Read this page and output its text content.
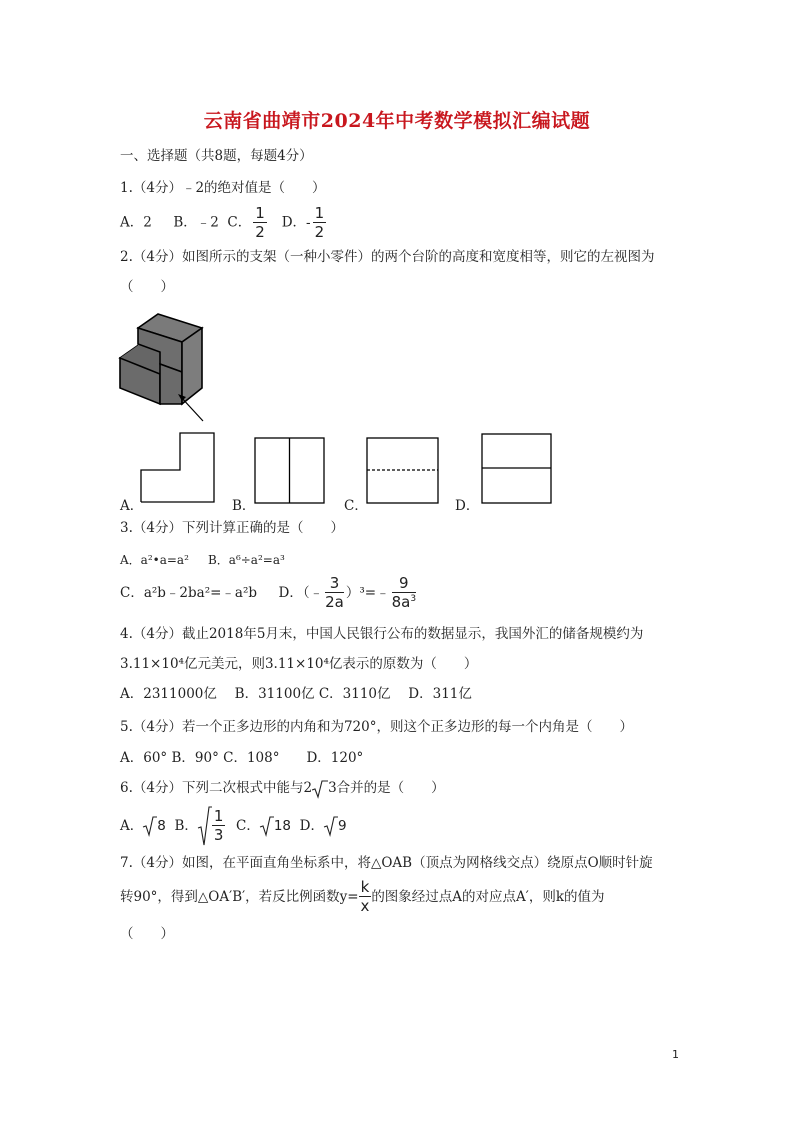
云南省曲靖市2024年中考数学模拟汇编试题
一、选择题（共8题，每题4分）
1.（4分）﹣2的绝对值是（　　）
A．2 B．﹣2 C． $\frac{1}{2}$ D．- $\frac{1}{2}$
2.（4分）如图所示的支架（一种小零件）的两个台阶的高度和宽度相等，则它的左视图为
（　　）
A．	B．	C．	D．
3.（4分）下列计算正确的是（　　）
A．a²•a=a² B．a⁶÷a²=a³
C．a²b﹣2ba²=﹣a²b D．（﹣ $\frac{3}{2a}$ ）³=﹣ $\frac{9}{8a^3}$
4.（4分）截止2018年5月末，中国人民银行公布的数据显示，我国外汇的储备规模约为
3.11×10⁴亿元美元，则3.11×10⁴亿表示的原数为（　　）
A．2311000亿　 B．31100亿 C．3110亿　 D．311亿
5.（4分）若一个正多边形的内角和为720°，则这个正多边形的每一个内角是（　　）
A．60° B．90° C．108°　　D．120°
6.（4分）下列二次根式中能与2 3合并的是（　　）
A． 8 B． $\frac{1}{3}$ C． 18 D． 9
7.（4分）如图，在平面直角坐标系中，将△OAB（顶点为网格线交点）绕原点O顺时针旋
转90°，得到△OA′B′，若反比例函数$y= \frac{k}{x}$ 的图象经过点A的对应点A′，则k的值为
（　　）
1
